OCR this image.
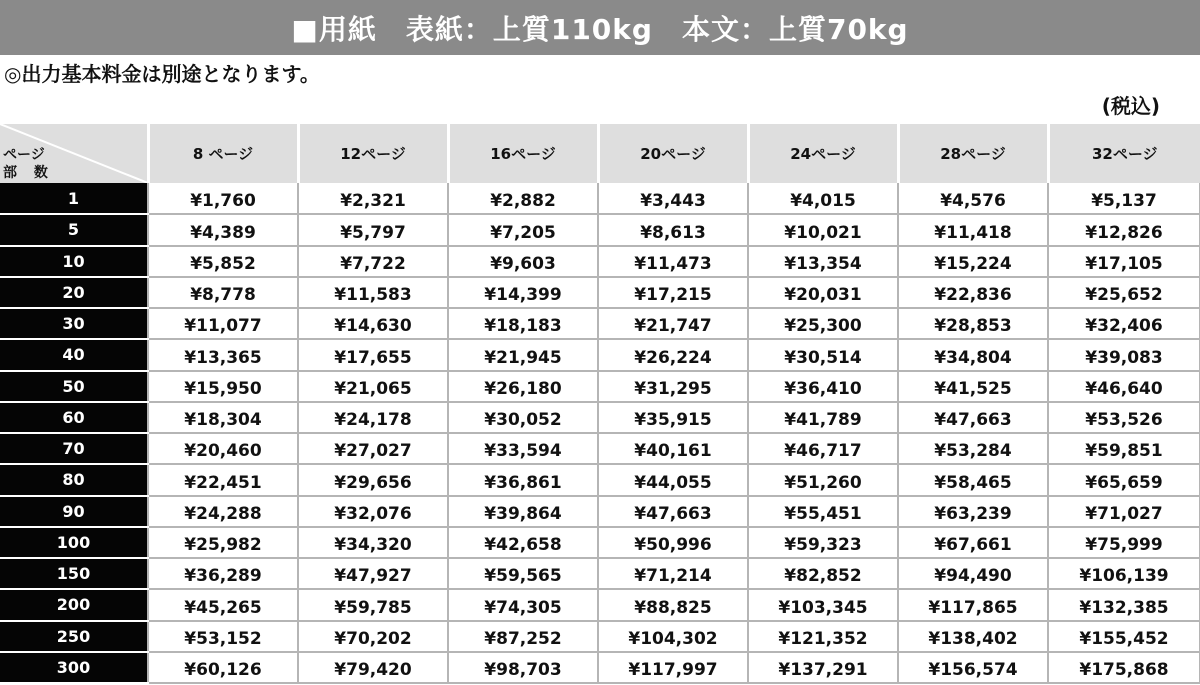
■用紙　表紙：上質110kg　本文：上質70kg
◎出力基本料金は別途となります。
(税込)
ページ
部 数	8 ページ	12ページ	16ページ	20ページ	24ページ	28ページ	32ページ
1	¥1,760	¥2,321	¥2,882	¥3,443	¥4,015	¥4,576	¥5,137
5	¥4,389	¥5,797	¥7,205	¥8,613	¥10,021	¥11,418	¥12,826
10	¥5,852	¥7,722	¥9,603	¥11,473	¥13,354	¥15,224	¥17,105
20	¥8,778	¥11,583	¥14,399	¥17,215	¥20,031	¥22,836	¥25,652
30	¥11,077	¥14,630	¥18,183	¥21,747	¥25,300	¥28,853	¥32,406
40	¥13,365	¥17,655	¥21,945	¥26,224	¥30,514	¥34,804	¥39,083
50	¥15,950	¥21,065	¥26,180	¥31,295	¥36,410	¥41,525	¥46,640
60	¥18,304	¥24,178	¥30,052	¥35,915	¥41,789	¥47,663	¥53,526
70	¥20,460	¥27,027	¥33,594	¥40,161	¥46,717	¥53,284	¥59,851
80	¥22,451	¥29,656	¥36,861	¥44,055	¥51,260	¥58,465	¥65,659
90	¥24,288	¥32,076	¥39,864	¥47,663	¥55,451	¥63,239	¥71,027
100	¥25,982	¥34,320	¥42,658	¥50,996	¥59,323	¥67,661	¥75,999
150	¥36,289	¥47,927	¥59,565	¥71,214	¥82,852	¥94,490	¥106,139
200	¥45,265	¥59,785	¥74,305	¥88,825	¥103,345	¥117,865	¥132,385
250	¥53,152	¥70,202	¥87,252	¥104,302	¥121,352	¥138,402	¥155,452
300	¥60,126	¥79,420	¥98,703	¥117,997	¥137,291	¥156,574	¥175,868
